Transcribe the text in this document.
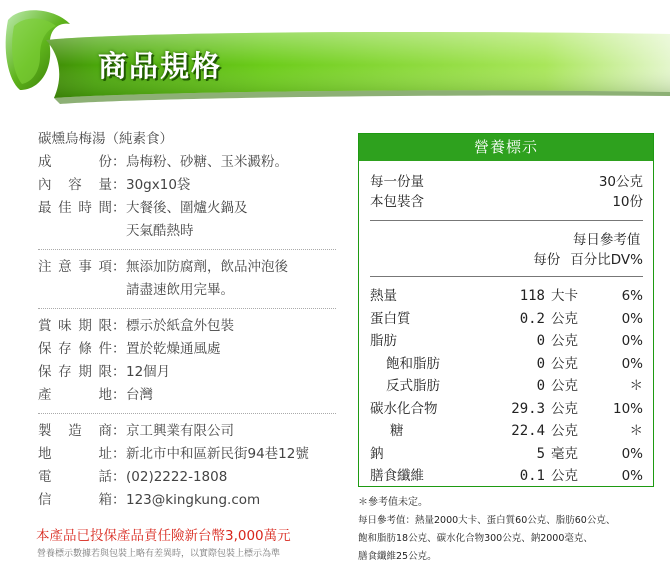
商品規格
碳燻烏梅湯（純素食）
成	份 ： 烏梅粉、砂糖、玉米澱粉。
內 容 量 ： 30gx10袋
最 佳 時 間 ： 大餐後、圍爐火鍋及
天氣酷熱時
注 意 事 項 ： 無添加防腐劑，飲品沖泡後
請盡速飲用完畢。
賞 味 期 限 ： 標示於紙盒外包裝
保 存 條 件 ： 置於乾燥通風處
保 存 期 限 ： 12個月
產	地 ： 台灣
製 造 商 ： 京工興業有限公司
地	址 ： 新北市中和區新民街94巷12號
電	話 ： (02)2222-1808
信	箱 ： 123@kingkung.com
本產品已投保產品責任險新台幣3,000萬元
營養標示數據若與包裝上略有差異時，以實際包裝上標示為準
營養標示
每一份量	30公克
本包裝含	10份
每份
每日參考值
百分比DV%
熱量	118 大卡	6%
蛋白質	0.2 公克	0%
脂肪	0 公克	0%
飽和脂肪	0 公克	0%
反式脂肪	0 公克	＊
碳水化合物	29.3 公克	10%
糖	22.4 公克	＊
鈉	5 毫克	0%
膳食纖維	0.1 公克	0%
＊參考值未定。
每日參考值：熱量2000大卡、蛋白質60公克、脂肪60公克、
飽和脂肪18公克、碳水化合物300公克、鈉2000毫克、
膳食纖維25公克。
